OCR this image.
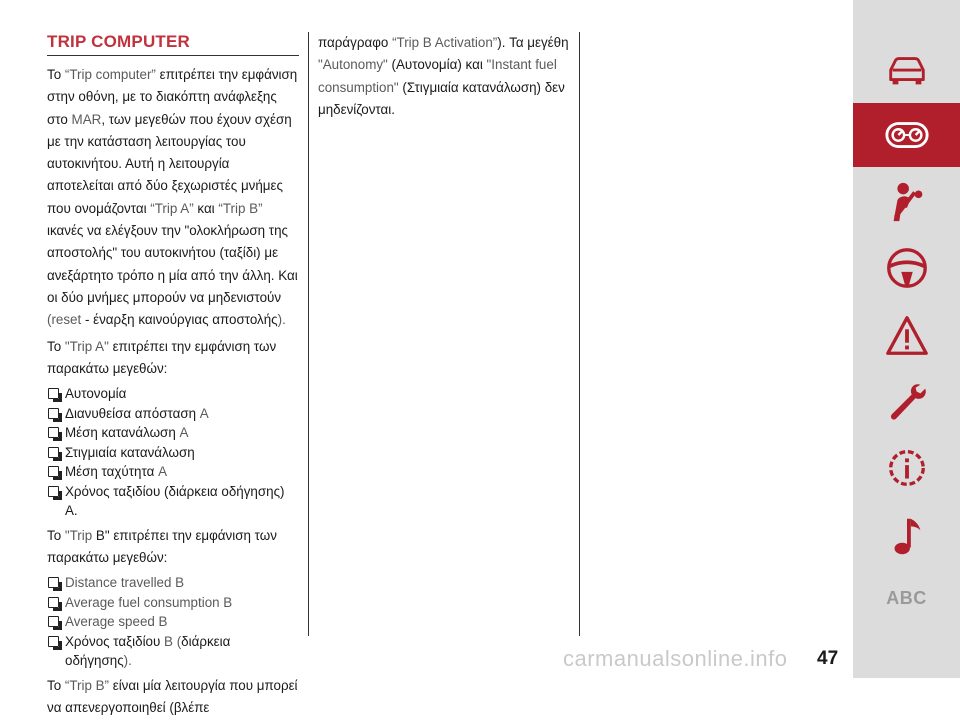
TRIP COMPUTER

Το “Trip computer” επιτρέπει την εμφάνιση στην οθόνη, με το διακόπτη ανάφλεξης στο MAR, των μεγεθών που έχουν σχέση με την κατάσταση λειτουργίας του αυτοκινήτου. Αυτή η λειτουργία αποτελείται από δύο ξεχωριστές μνήμες που ονομάζονται “Trip A” και “Trip B” ικανές να ελέγξουν την "ολοκλήρωση της αποστολής" του αυτοκινήτου (ταξίδι) με ανεξάρτητο τρόπο η μία από την άλλη. Και οι δύο μνήμες μπορούν να μηδενιστούν (reset - έναρξη καινούργιας αποστολής).

Το "Trip A" επιτρέπει την εμφάνιση των παρακάτω μεγεθών:

Αυτονομία
Διανυθείσα απόσταση A
Μέση κατανάλωση A
Στιγμιαία κατανάλωση
Μέση ταχύτητα A
Χρόνος ταξιδίου (διάρκεια οδήγησης) A.

Το "Trip B" επιτρέπει την εμφάνιση των παρακάτω μεγεθών:

Distance travelled B
Average fuel consumption B
Average speed B
Χρόνος ταξιδίου B (διάρκεια οδήγησης).

Το “Trip B” είναι μία λειτουργία που μπορεί να απενεργοποιηθεί (βλέπε

παράγραφο “Trip B Activation”). Τα μεγέθη "Autonomy" (Αυτονομία) και "Instant fuel consumption" (Στιγμιαία κατανάλωση) δεν μηδενίζονται.

ABC
carmanualsonline.info 47
